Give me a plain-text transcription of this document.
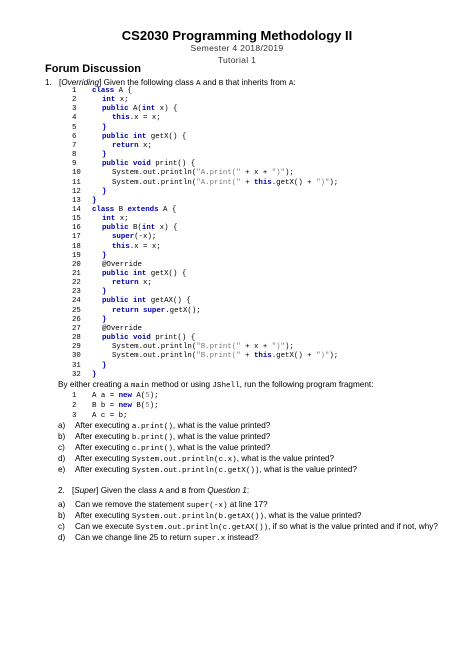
CS2030 Programming Methodology II
Semester 4 2018/2019
Tutorial 1
Forum Discussion
1. [Overriding] Given the following class A and B that inherits from A:
1 class A {
2	int x;
3	public A(int x) {
4	this.x = x;
5	}
6	public int getX() {
7	return x;
8	}
9	public void print() {
10	System.out.println("A.print(" + x + ")");
11	System.out.println("A.print(" + this.getX() + ")");
12	}
13 }
14 class B extends A {
15	int x;
16	public B(int x) {
17	super(-x);
18	this.x = x;
19	}
20	@Override
21	public int getX() {
22	return x;
23	}
24	public int getAX() {
25	return super.getX();
26	}
27	@Override
28	public void print() {
29	System.out.println("B.print(" + x + ")");
30	System.out.println("B.print(" + this.getX() + ")");
31	}
32 }
By either creating a main method or using JShell, run the following program fragment:
1 A a = new A(5);
2 B b = new B(5);
3 A c = b;
a) After executing a.print(), what is the value printed?
b) After executing b.print(), what is the value printed?
c) After executing c.print(), what is the value printed?
d) After executing System.out.println(c.x), what is the value printed?
e) After executing System.out.println(c.getX()), what is the value printed?
2. [Super] Given the class A and B from Question 1:
a) Can we remove the statement super(-x) at line 17?
b) After executing System.out.println(b.getAX()), what is the value printed?
c) Can we execute System.out.println(c.getAX()), if so what is the value printed and if not, why?
d) Can we change line 25 to return super.x instead?
